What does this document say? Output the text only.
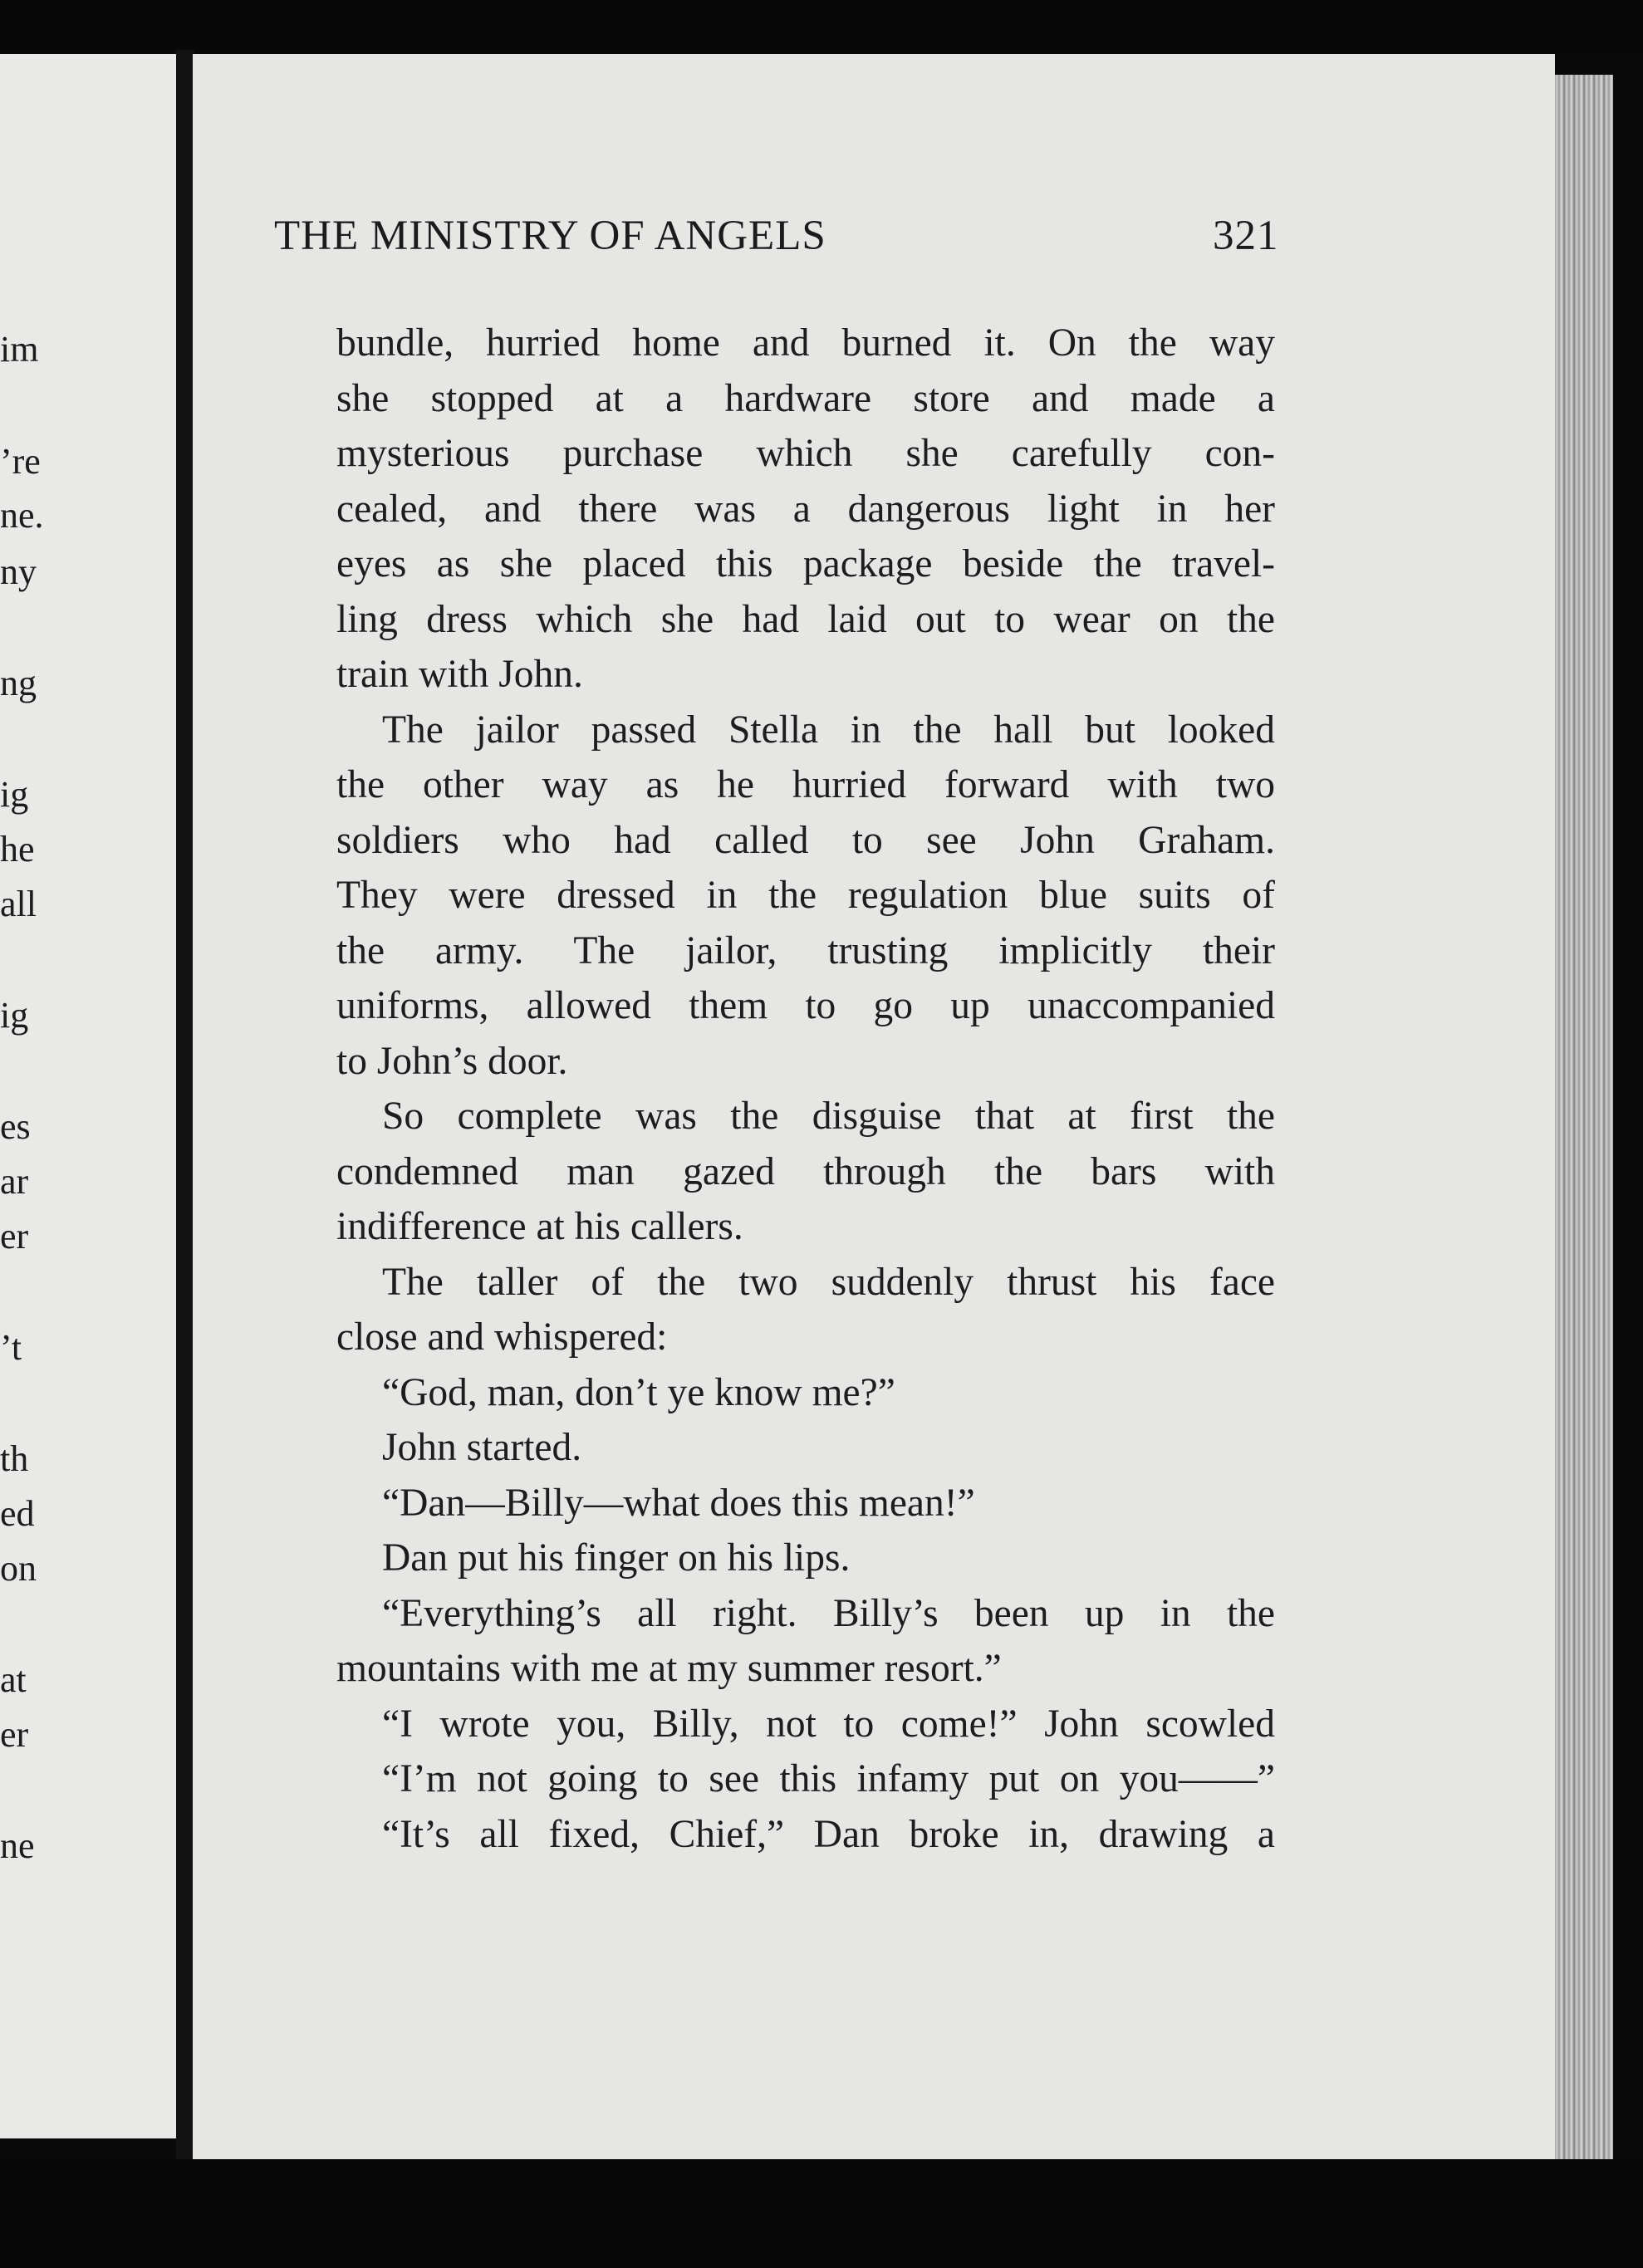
im
’re
ne.
ny
ng
ig
he
all
ig
es
ar
er
’t
th
ed
on
at
er
ne
THE MINISTRY OF ANGELS	321
bundle, hurried home and burned it. On the way
she stopped at a hardware store and made a
mysterious purchase which she carefully con-
cealed, and there was a dangerous light in her
eyes as she placed this package beside the travel-
ling dress which she had laid out to wear on the
train with John.
The jailor passed Stella in the hall but looked
the other way as he hurried forward with two
soldiers who had called to see John Graham.
They were dressed in the regulation blue suits of
the army. The jailor, trusting implicitly their
uniforms, allowed them to go up unaccompanied
to John’s door.
So complete was the disguise that at first the
condemned man gazed through the bars with
indifference at his callers.
The taller of the two suddenly thrust his face
close and whispered:
“God, man, don’t ye know me?”
John started.
“Dan—Billy—what does this mean!”
Dan put his finger on his lips.
“Everything’s all right. Billy’s been up in the
mountains with me at my summer resort.”
“I wrote you, Billy, not to come!” John scowled
“I’m not going to see this infamy put on you——”
“It’s all fixed, Chief,” Dan broke in, drawing a
